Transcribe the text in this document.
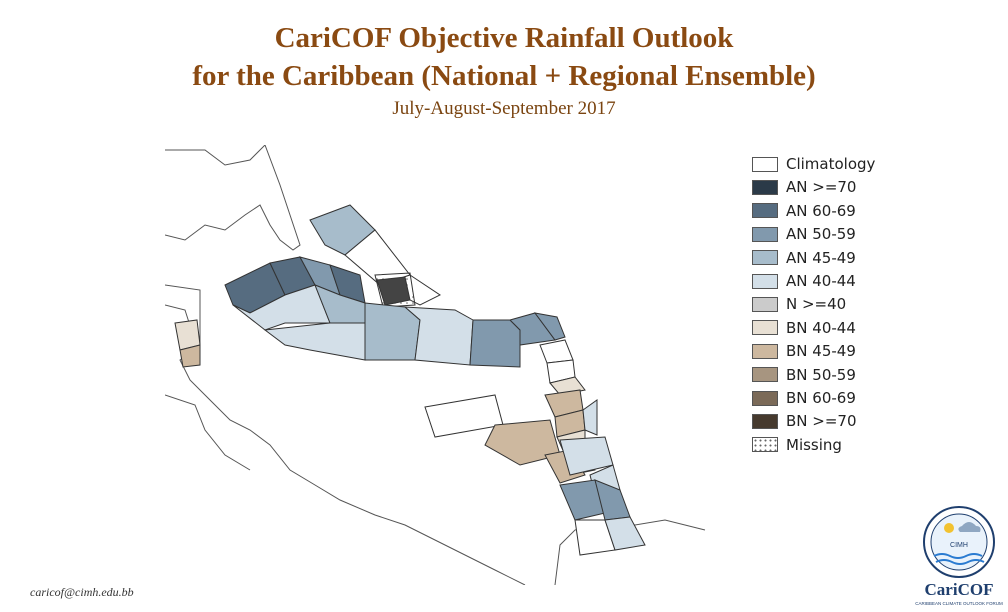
CariCOF Objective Rainfall Outlook
for the Caribbean (National + Regional Ensemble)
July-August-September 2017
Climatology
AN >=70
AN 60-69
AN 50-59
AN 45-49
AN 40-44
N >=40
BN 40-44
BN 45-49
BN 50-59
BN 60-69
BN >=70
Missing
caricof@cimh.edu.bb
CIMH
CariCOF
CARIBBEAN CLIMATE OUTLOOK FORUM
